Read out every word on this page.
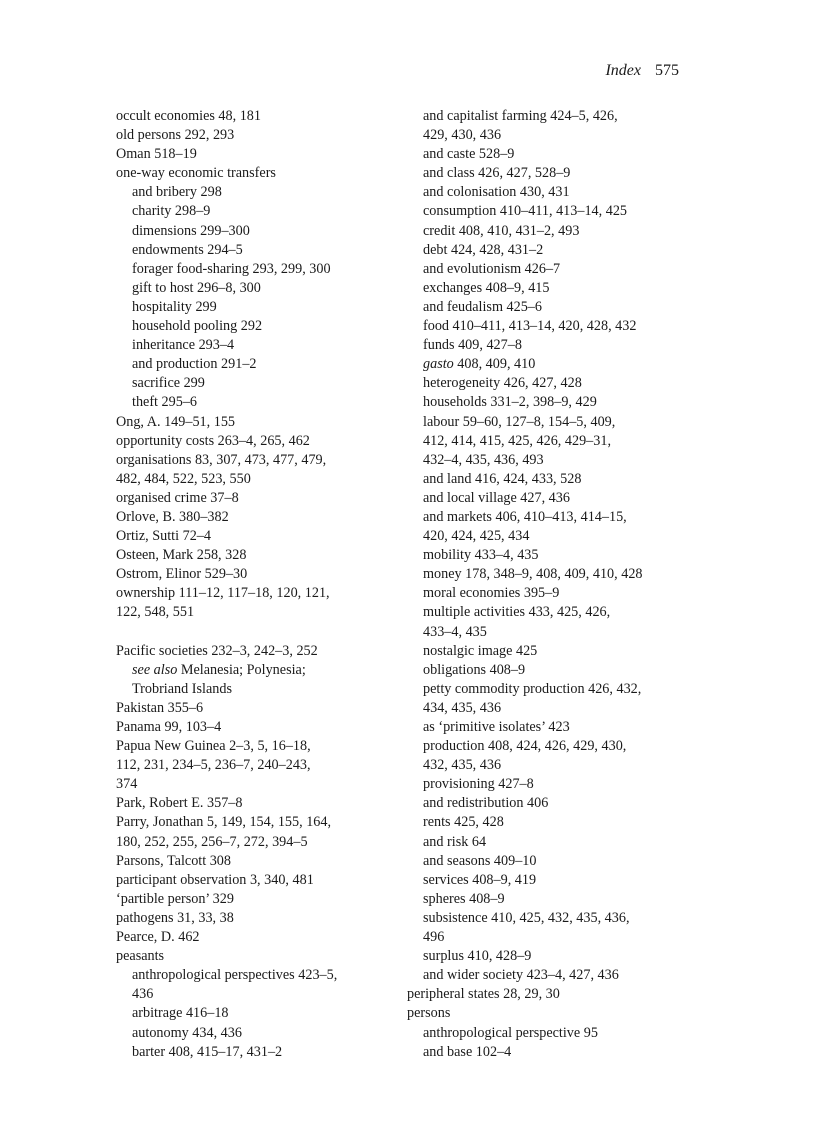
Index 575
occult economies 48, 181
old persons 292, 293
Oman 518–19
one-way economic transfers
and bribery 298
charity 298–9
dimensions 299–300
endowments 294–5
forager food-sharing 293, 299, 300
gift to host 296–8, 300
hospitality 299
household pooling 292
inheritance 293–4
and production 291–2
sacrifice 299
theft 295–6
Ong, A. 149–51, 155
opportunity costs 263–4, 265, 462
organisations 83, 307, 473, 477, 479,
482, 484, 522, 523, 550
organised crime 37–8
Orlove, B. 380–382
Ortiz, Sutti 72–4
Osteen, Mark 258, 328
Ostrom, Elinor 529–30
ownership 111–12, 117–18, 120, 121,
122, 548, 551
Pacific societies 232–3, 242–3, 252
see also Melanesia; Polynesia;
Trobriand Islands
Pakistan 355–6
Panama 99, 103–4
Papua New Guinea 2–3, 5, 16–18,
112, 231, 234–5, 236–7, 240–243,
374
Park, Robert E. 357–8
Parry, Jonathan 5, 149, 154, 155, 164,
180, 252, 255, 256–7, 272, 394–5
Parsons, Talcott 308
participant observation 3, 340, 481
‘partible person’ 329
pathogens 31, 33, 38
Pearce, D. 462
peasants
anthropological perspectives 423–5,
436
arbitrage 416–18
autonomy 434, 436
barter 408, 415–17, 431–2
and capitalist farming 424–5, 426,
429, 430, 436
and caste 528–9
and class 426, 427, 528–9
and colonisation 430, 431
consumption 410–411, 413–14, 425
credit 408, 410, 431–2, 493
debt 424, 428, 431–2
and evolutionism 426–7
exchanges 408–9, 415
and feudalism 425–6
food 410–411, 413–14, 420, 428, 432
funds 409, 427–8
gasto 408, 409, 410
heterogeneity 426, 427, 428
households 331–2, 398–9, 429
labour 59–60, 127–8, 154–5, 409,
412, 414, 415, 425, 426, 429–31,
432–4, 435, 436, 493
and land 416, 424, 433, 528
and local village 427, 436
and markets 406, 410–413, 414–15,
420, 424, 425, 434
mobility 433–4, 435
money 178, 348–9, 408, 409, 410, 428
moral economies 395–9
multiple activities 433, 425, 426,
433–4, 435
nostalgic image 425
obligations 408–9
petty commodity production 426, 432,
434, 435, 436
as ‘primitive isolates’ 423
production 408, 424, 426, 429, 430,
432, 435, 436
provisioning 427–8
and redistribution 406
rents 425, 428
and risk 64
and seasons 409–10
services 408–9, 419
spheres 408–9
subsistence 410, 425, 432, 435, 436,
496
surplus 410, 428–9
and wider society 423–4, 427, 436
peripheral states 28, 29, 30
persons
anthropological perspective 95
and base 102–4
